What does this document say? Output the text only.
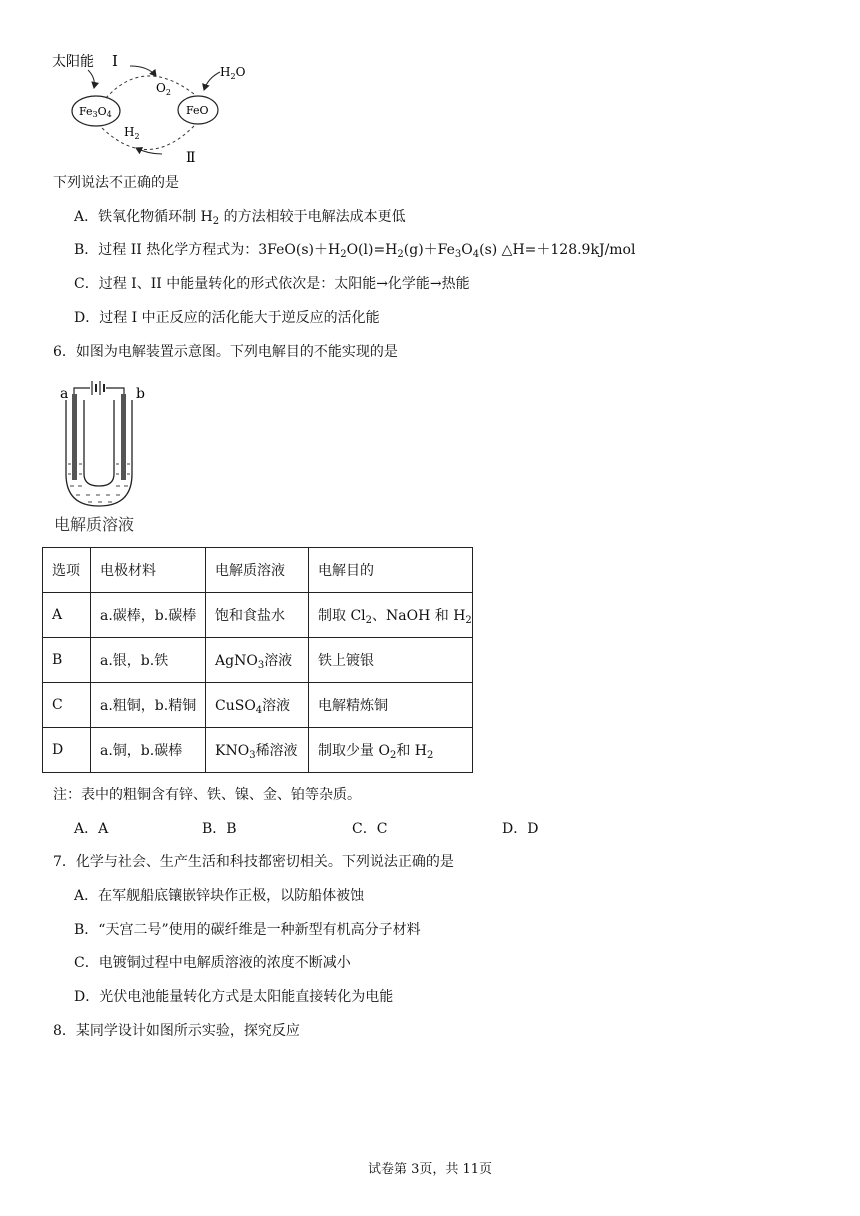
太阳能 I
$O_2$
$H_2O$
Fe3O4	FeO
$H_2$
Ⅱ
下列说法不正确的是
A．铁氧化物循环制 $H_2$ 的方法相较于电解法成本更低
B．过程 II 热化学方程式为：$3FeO(s)+H_2O(l)=H_2(g)+Fe_3O_4(s)$ △H=＋128.9kJ/mol
C．过程 I、II 中能量转化的形式依次是：太阳能→化学能→热能
D．过程 I 中正反应的活化能大于逆反应的活化能
6．如图为电解装置示意图。下列电解目的不能实现的是
a	b
电解质溶液
选项	电极材料	电解质溶液	电解目的
A	a.碳棒，b.碳棒	饱和食盐水	制取 $Cl_2$、NaOH 和 $H_2$
B	a.银，b.铁	AgNO$_3$溶液	铁上镀银
C	a.粗铜，b.精铜	CuSO$_4$溶液	电解精炼铜
D	a.铜，b.碳棒	$KNO_3$稀溶液	制取少量 $O_2$和 $H_2$
注：表中的粗铜含有锌、铁、镍、金、铂等杂质。
A．A	B．B	C．C	D．D
7．化学与社会、生产生活和科技都密切相关。下列说法正确的是
A．在军舰船底镶嵌锌块作正极，以防船体被蚀
B．“天宫二号”使用的碳纤维是一种新型有机高分子材料
C．电镀铜过程中电解质溶液的浓度不断减小
D．光伏电池能量转化方式是太阳能直接转化为电能
8．某同学设计如图所示实验，探究反应
试卷第 3页，共 11页
